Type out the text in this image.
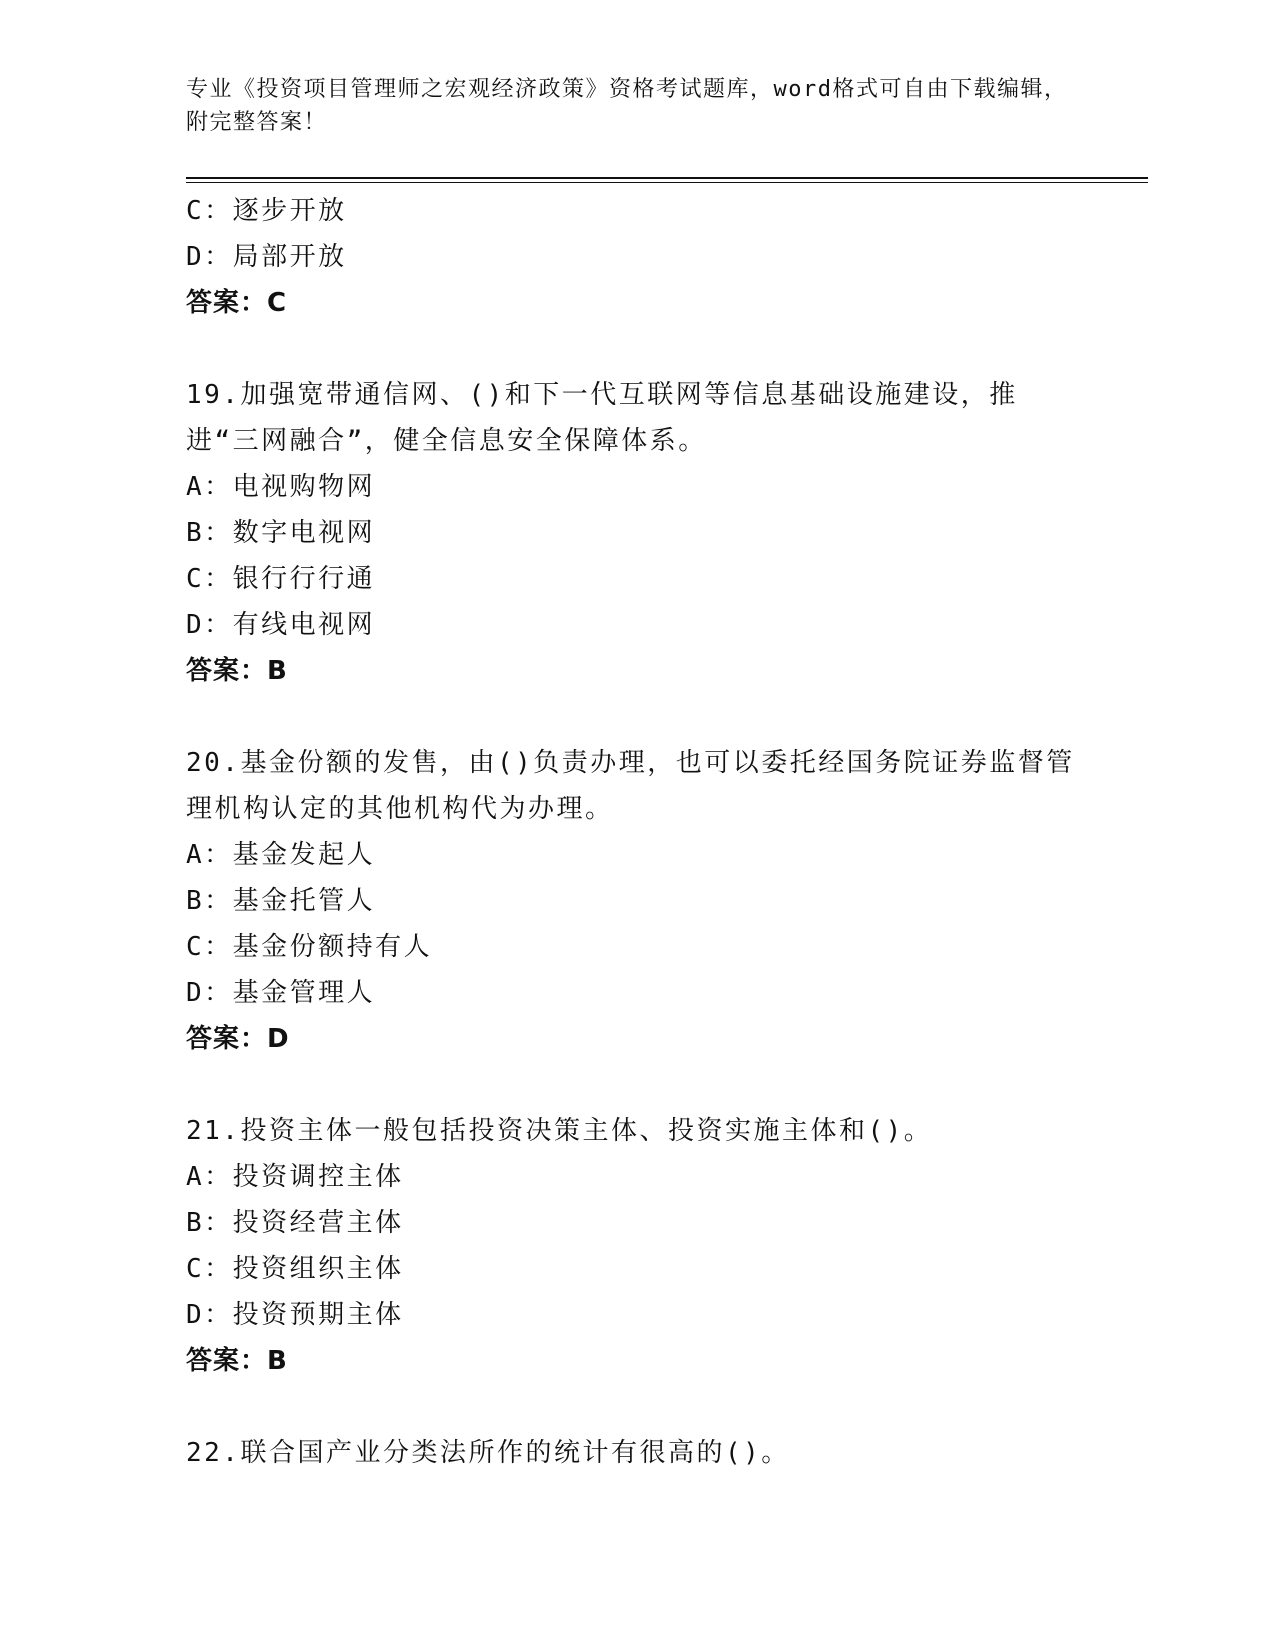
专业《投资项目管理师之宏观经济政策》资格考试题库，word格式可自由下载编辑，附完整答案！
C：逐步开放
D：局部开放
答案：C
19.加强宽带通信网、()和下一代互联网等信息基础设施建设，推进“三网融合”，健全信息安全保障体系。
A：电视购物网
B：数字电视网
C：银行行行通
D：有线电视网
答案：B
20.基金份额的发售，由()负责办理，也可以委托经国务院证券监督管理机构认定的其他机构代为办理。
A：基金发起人
B：基金托管人
C：基金份额持有人
D：基金管理人
答案：D
21.投资主体一般包括投资决策主体、投资实施主体和()。
A：投资调控主体
B：投资经营主体
C：投资组织主体
D：投资预期主体
答案：B
22.联合国产业分类法所作的统计有很高的()。
